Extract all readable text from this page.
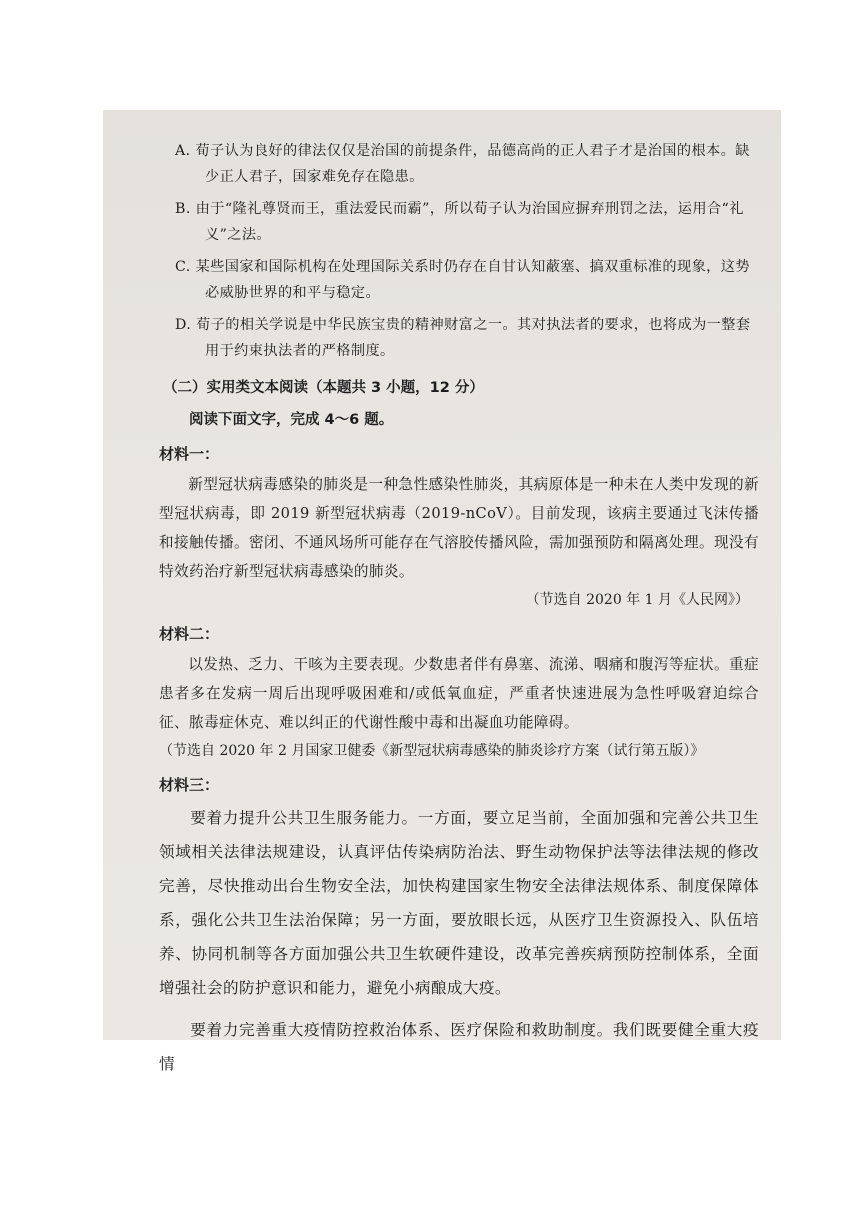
A. 荀子认为良好的律法仅仅是治国的前提条件，品德高尚的正人君子才是治国的根本。缺少正人君子，国家难免存在隐患。

B. 由于“隆礼尊贤而王，重法爱民而霸”，所以荀子认为治国应摒弃刑罚之法，运用合“礼义”之法。

C. 某些国家和国际机构在处理国际关系时仍存在自甘认知蔽塞、搞双重标准的现象，这势必威胁世界的和平与稳定。

D. 荀子的相关学说是中华民族宝贵的精神财富之一。其对执法者的要求，也将成为一整套用于约束执法者的严格制度。

（二）实用类文本阅读（本题共 3 小题，12 分）
阅读下面文字，完成 4～6 题。
材料一：

新型冠状病毒感染的肺炎是一种急性感染性肺炎，其病原体是一种未在人类中发现的新型冠状病毒，即 2019 新型冠状病毒（2019-nCoV）。目前发现，该病主要通过飞沫传播和接触传播。密闭、不通风场所可能存在气溶胶传播风险，需加强预防和隔离处理。现没有特效药治疗新型冠状病毒感染的肺炎。

（节选自 2020 年 1 月《人民网》）
材料二：

以发热、乏力、干咳为主要表现。少数患者伴有鼻塞、流涕、咽痛和腹泻等症状。重症患者多在发病一周后出现呼吸困难和/或低氧血症，严重者快速进展为急性呼吸窘迫综合征、脓毒症休克、难以纠正的代谢性酸中毒和出凝血功能障碍。

（节选自 2020 年 2 月国家卫健委《新型冠状病毒感染的肺炎诊疗方案（试行第五版）》
材料三：

要着力提升公共卫生服务能力。一方面，要立足当前，全面加强和完善公共卫生领域相关法律法规建设，认真评估传染病防治法、野生动物保护法等法律法规的修改完善，尽快推动出台生物安全法，加快构建国家生物安全法律法规体系、制度保障体系，强化公共卫生法治保障；另一方面，要放眼长远，从医疗卫生资源投入、队伍培养、协同机制等各方面加强公共卫生软硬件建设，改革完善疾病预防控制体系，全面增强社会的防护意识和能力，避免小病酿成大疫。

要着力完善重大疫情防控救治体系、医疗保险和救助制度。我们既要健全重大疫情
